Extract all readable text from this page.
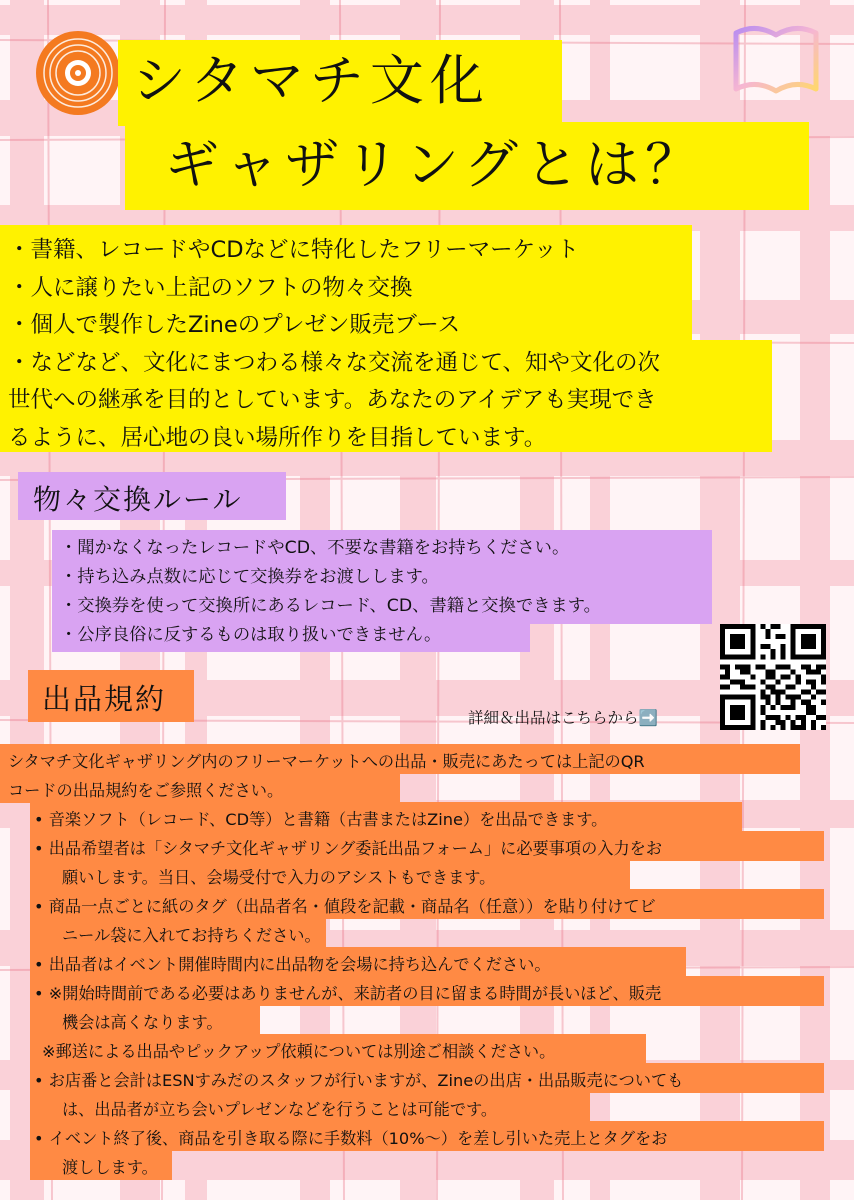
シタマチ文化
ギャザリングとは？
・書籍、レコードやCDなどに特化したフリーマーケット
・人に譲りたい上記のソフトの物々交換
・個人で製作したZineのプレゼン販売ブース
・などなど、文化にまつわる様々な交流を通じて、知や文化の次
世代への継承を目的としています。あなたのアイデアも実現でき
るように、居心地の良い場所作りを目指しています。
物々交換ルール
・聞かなくなったレコードやCD、不要な書籍をお持ちください。
・持ち込み点数に応じて交換券をお渡しします。
・交換券を使って交換所にあるレコード、CD、書籍と交換できます。
・公序良俗に反するものは取り扱いできません。
詳細＆出品はこちらから➡️
出品規約
シタマチ文化ギャザリング内のフリーマーケットへの出品・販売にあたっては上記のQR
コードの出品規約をご参照ください。
• 音楽ソフト（レコード、CD等）と書籍（古書またはZine）を出品できます。
• 出品希望者は「シタマチ文化ギャザリング委託出品フォーム」に必要事項の入力をお
願いします。当日、会場受付で入力のアシストもできます。
• 商品一点ごとに紙のタグ（出品者名・値段を記載・商品名（任意））を貼り付けてビ
ニール袋に入れてお持ちください。
• 出品者はイベント開催時間内に出品物を会場に持ち込んでください。
• ※開始時間前である必要はありませんが、来訪者の目に留まる時間が長いほど、販売
機会は高くなります。
※郵送による出品やピックアップ依頼については別途ご相談ください。
• お店番と会計はESNすみだのスタッフが行いますが、Zineの出店・出品販売についても
は、出品者が立ち会いプレゼンなどを行うことは可能です。
• イベント終了後、商品を引き取る際に手数料（10%〜）を差し引いた売上とタグをお
渡しします。
